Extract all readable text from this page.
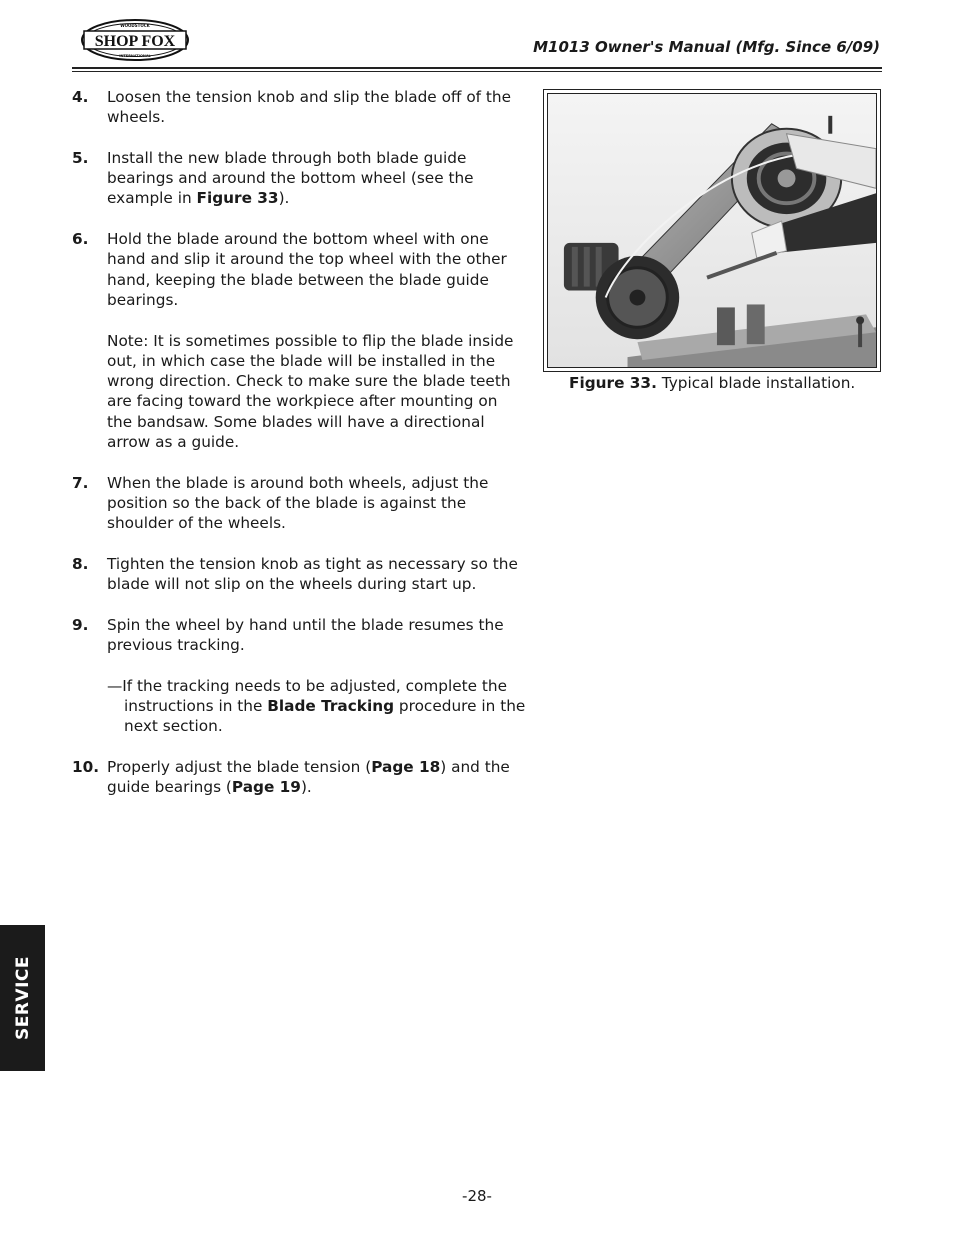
SHOP FOX
WOODSTOCK
INTERNATIONAL	M1013 Owner's Manual (Mfg. Since 6/09)
4.	Loosen the tension knob and slip the blade off of the wheels.
5.	Install the new blade through both blade guide bearings and around the bottom wheel (see the example in Figure 33).
6.	Hold the blade around the bottom wheel with one hand and slip it around the top wheel with the other hand, keeping the blade between the blade guide bearings.
Note: It is sometimes possible to flip the blade inside out, in which case the blade will be installed in the wrong direction. Check to make sure the blade teeth are facing toward the workpiece after mounting on the bandsaw. Some blades will have a directional arrow as a guide.
7.	When the blade is around both wheels, adjust the position so the back of the blade is against the shoulder of the wheels.
8.	Tighten the tension knob as tight as necessary so the blade will not slip on the wheels during start up.
9.	Spin the wheel by hand until the blade resumes the previous tracking.
—If the tracking needs to be adjusted, complete the instructions in the Blade Tracking procedure in the next section.
10. Properly adjust the blade tension (Page 18) and the guide bearings (Page 19).
Figure 33. Typical blade installation.
SERVICE
-28-
